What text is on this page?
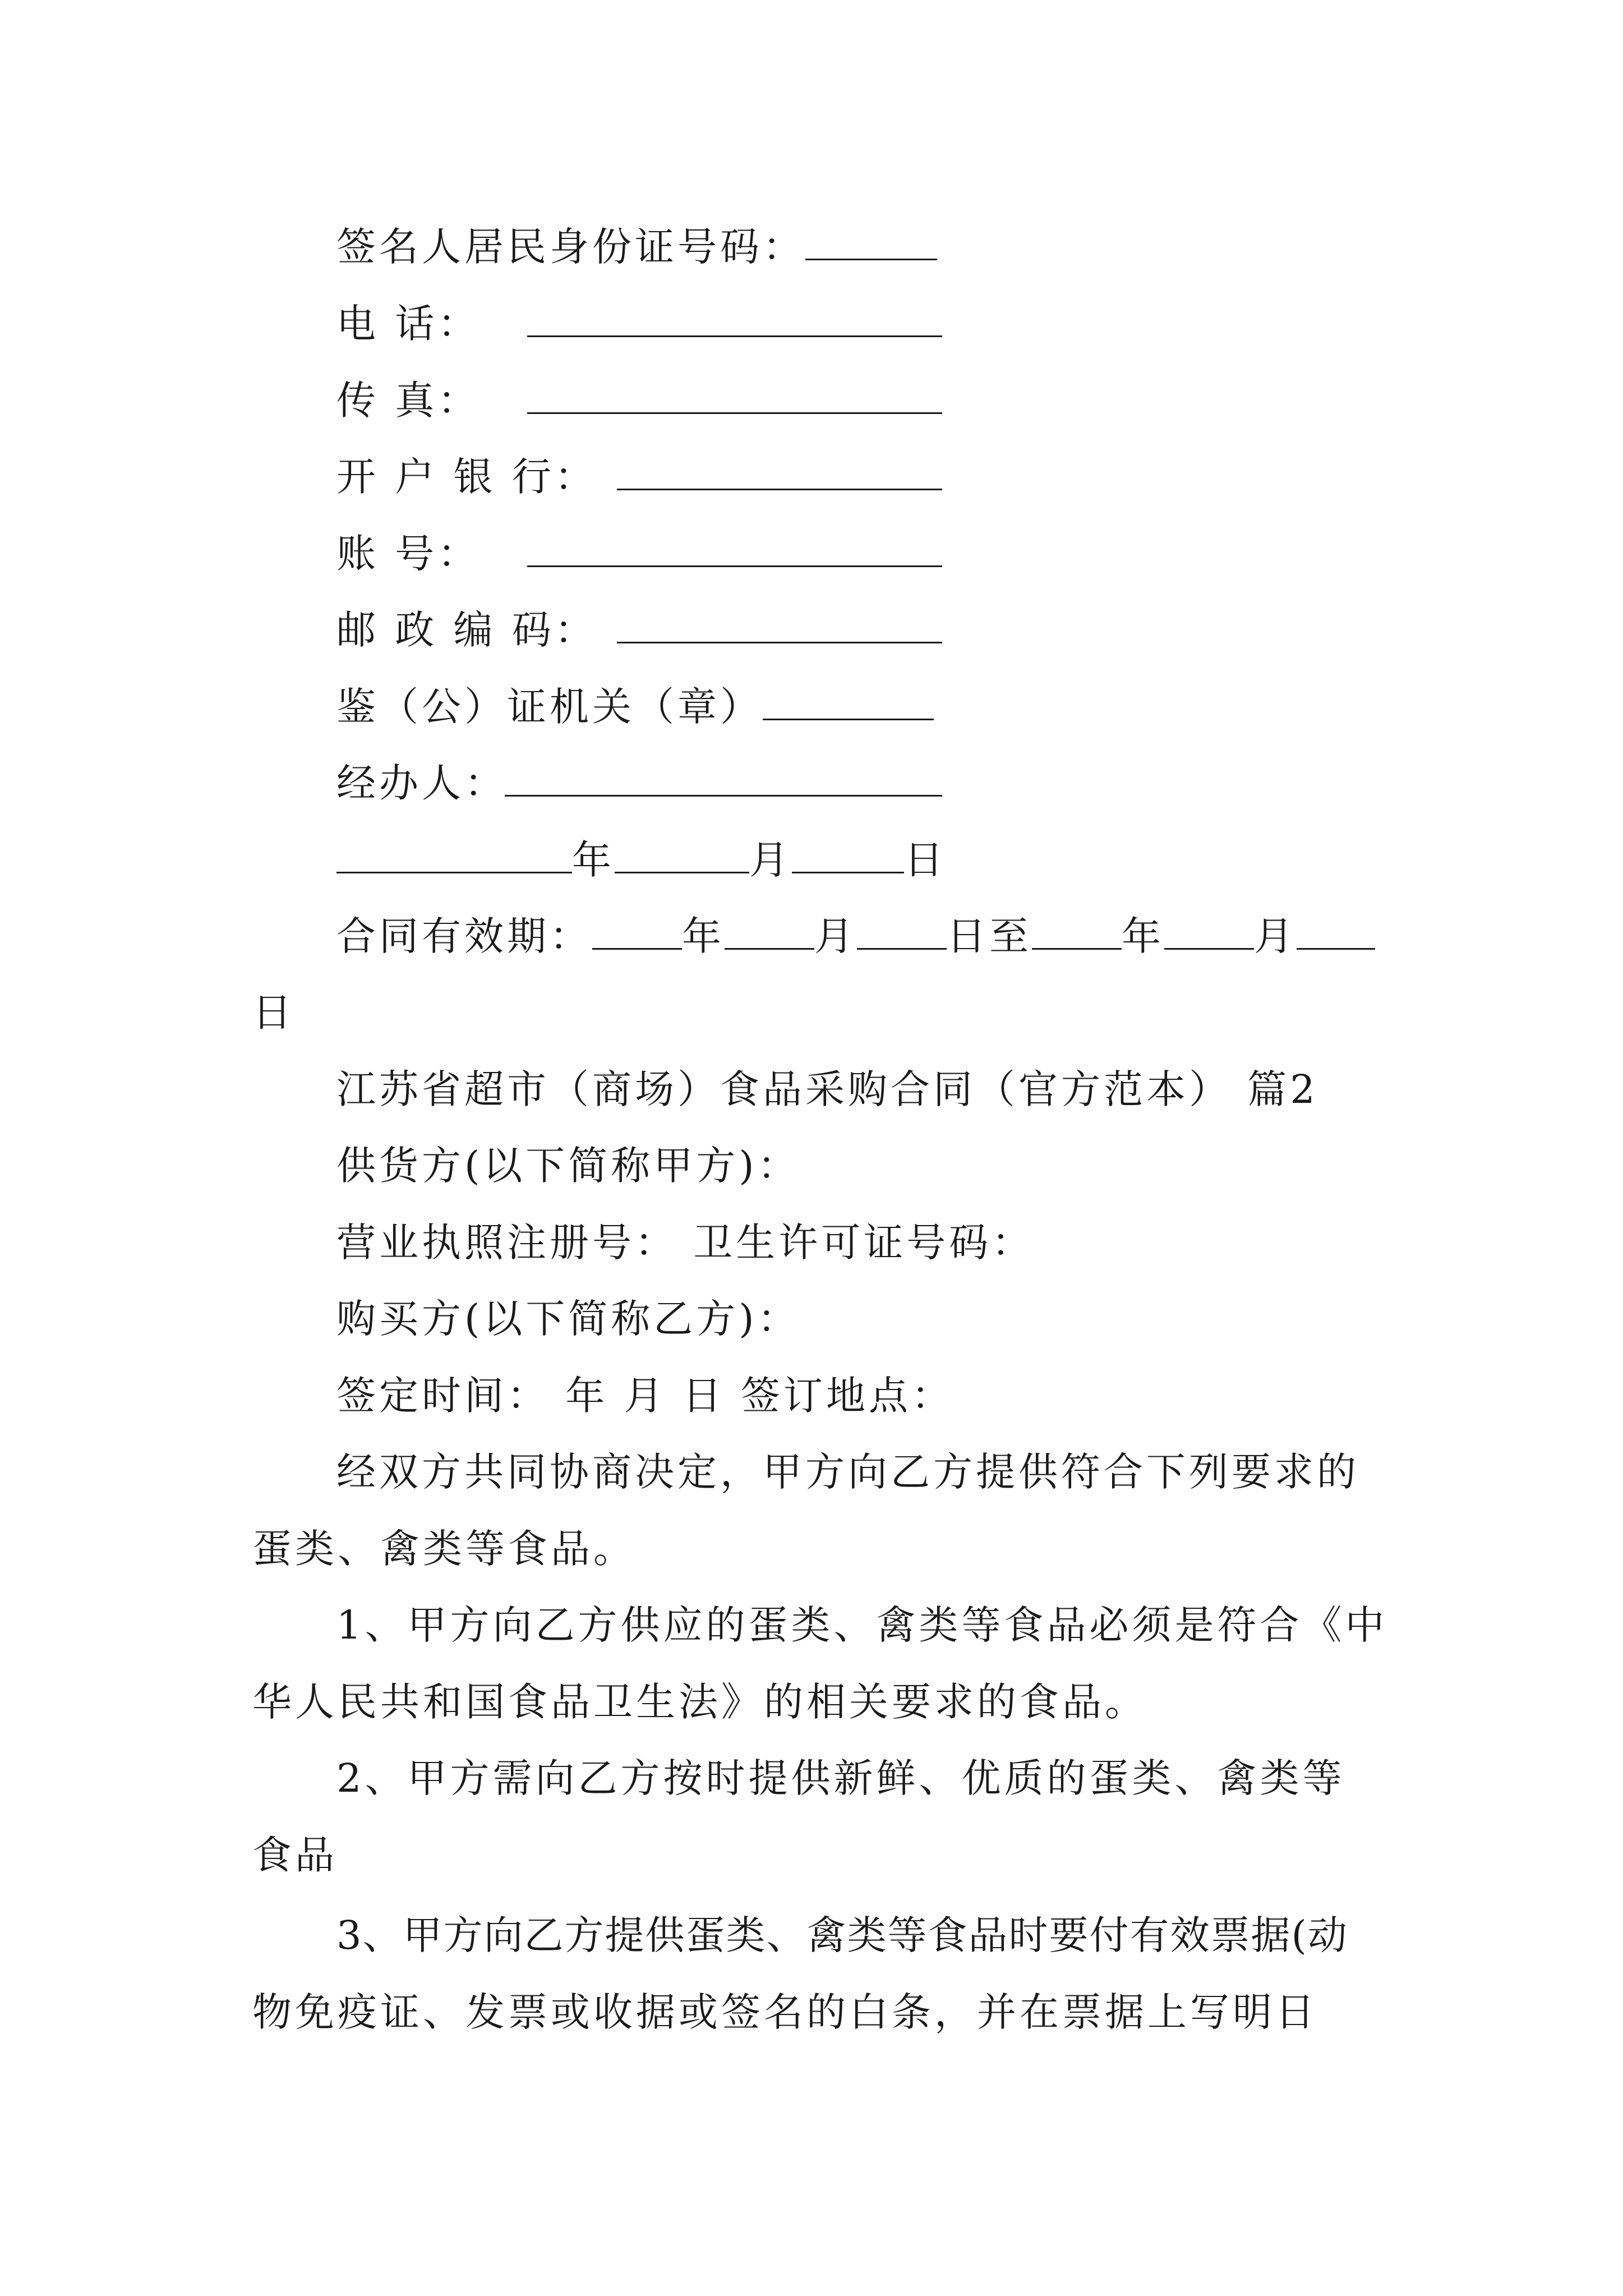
签名人居民身份证号码：
电 话：
传 真：
开 户 银 行：
账 号：
邮 政 编 码：
鉴（公）证机关（章）
经办人：
年	月	日
合同有效期： 年 月 日至 年 月
日
江苏省超市（商场）食品采购合同（官方范本） 篇2
供货方(以下简称甲方)：
营业执照注册号： 卫生许可证号码：
购买方(以下简称乙方)：
签定时间： 年 月 日 签订地点：
经双方共同协商决定，甲方向乙方提供符合下列要求的
蛋类、禽类等食品。
1、甲方向乙方供应的蛋类、禽类等食品必须是符合《中
华人民共和国食品卫生法》的相关要求的食品。
2、甲方需向乙方按时提供新鲜、优质的蛋类、禽类等
食品
3、甲方向乙方提供蛋类、禽类等食品时要付有效票据(动
物免疫证、发票或收据或签名的白条，并在票据上写明日
